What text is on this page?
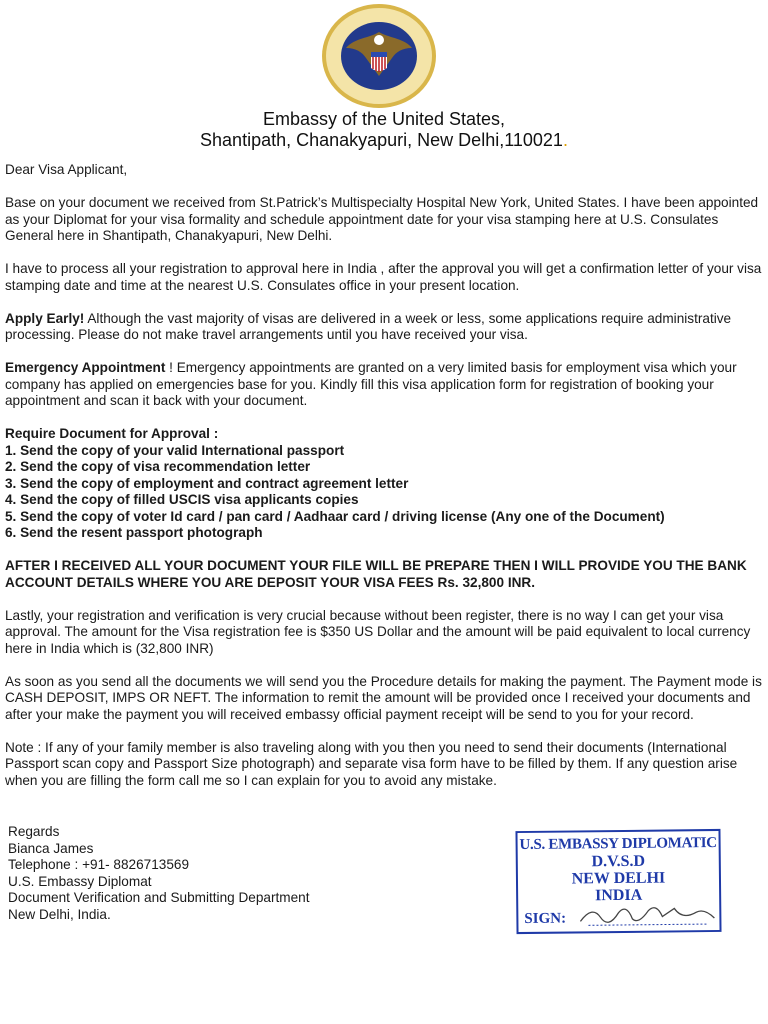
Embassy of the United States,
Shantipath, Chanakyapuri, New Delhi,110021.

Dear Visa Applicant,

Base on your document we received from St.Patrick’s Multispecialty Hospital New York, United States. I have been appointed as your Diplomat for your visa formality and schedule appointment date for your visa stamping here at U.S. Consulates General here in Shantipath, Chanakyapuri, New Delhi.

I have to process all your registration to approval here in India , after the approval you will get a confirmation letter of your visa stamping date and time at the nearest U.S. Consulates office in your present location.

Apply Early! Although the vast majority of visas are delivered in a week or less, some applications require administrative processing. Please do not make travel arrangements until you have received your visa.

Emergency Appointment ! Emergency appointments are granted on a very limited basis for employment visa which your company has applied on emergencies base for you. Kindly fill this visa application form for registration of booking your appointment and scan it back with your document.

Require Document for Approval :
1. Send the copy of your valid International passport
2. Send the copy of visa recommendation letter
3. Send the copy of employment and contract agreement letter
4. Send the copy of filled USCIS visa applicants copies
5. Send the copy of voter Id card / pan card / Aadhaar card / driving license (Any one of the Document)
6. Send the resent passport photograph

AFTER I RECEIVED ALL YOUR DOCUMENT YOUR FILE WILL BE PREPARE THEN I WILL PROVIDE YOU THE BANK ACCOUNT DETAILS WHERE YOU ARE DEPOSIT YOUR VISA FEES Rs. 32,800 INR.

Lastly, your registration and verification is very crucial because without been register, there is no way I can get your visa approval. The amount for the Visa registration fee is $350 US Dollar and the amount will be paid equivalent to local currency here in India which is (32,800 INR)

As soon as you send all the documents we will send you the Procedure details for making the payment. The Payment mode is CASH DEPOSIT, IMPS OR NEFT. The information to remit the amount will be provided once I received your documents and after your make the payment you will received embassy official payment receipt will be send to you for your record.

Note : If any of your family member is also traveling along with you then you need to send their documents (International Passport scan copy and Passport Size photograph) and separate visa form have to be filled by them. If any question arise when you are filling the form call me so I can explain for you to avoid any mistake.

Regards
Bianca James
Telephone : +91- 8826713569
U.S. Embassy Diplomat
Document Verification and Submitting Department
New Delhi, India.
U.S. EMBASSY DIPLOMATIC
D.V.S.D
NEW DELHI
INDIA
SIGN:
